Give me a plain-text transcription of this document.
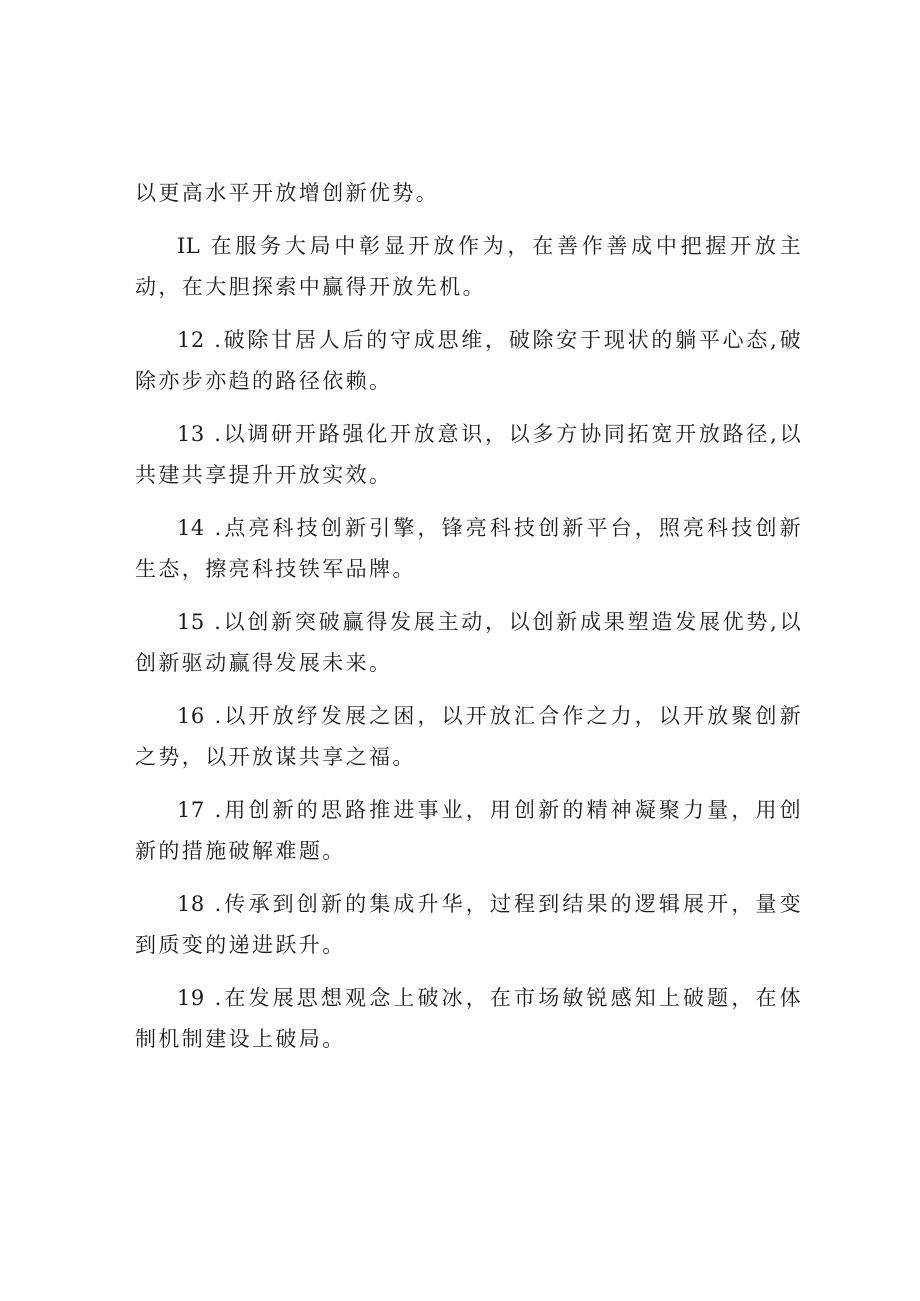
以更高水平开放增创新优势。

IL 在服务大局中彰显开放作为，在善作善成中把握开放主动，在大胆探索中赢得开放先机。

12 .破除甘居人后的守成思维，破除安于现状的躺平心态,破除亦步亦趋的路径依赖。

13 .以调研开路强化开放意识，以多方协同拓宽开放路径,以共建共享提升开放实效。

14 .点亮科技创新引擎，锋亮科技创新平台，照亮科技创新生态，擦亮科技铁军品牌。

15 .以创新突破赢得发展主动，以创新成果塑造发展优势,以创新驱动赢得发展未来。

16 .以开放纾发展之困，以开放汇合作之力，以开放聚创新之势，以开放谋共享之福。

17 .用创新的思路推进事业，用创新的精神凝聚力量，用创新的措施破解难题。

18 .传承到创新的集成升华，过程到结果的逻辑展开，量变到质变的递进跃升。

19 .在发展思想观念上破冰，在市场敏锐感知上破题，在体制机制建设上破局。
